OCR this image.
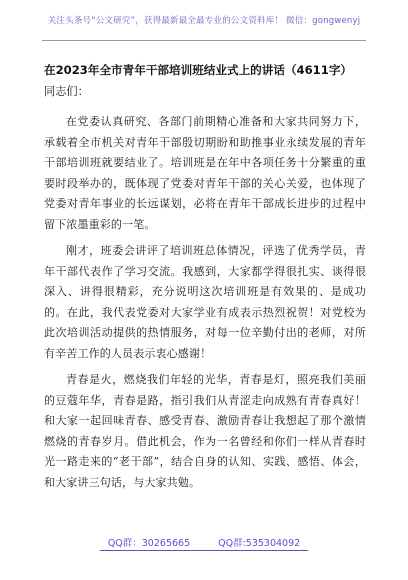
关注头条号“公文研究”，获得最新最全最专业的公文资料库！ 微信：gongwenyj
在2023年全市青年干部培训班结业式上的讲话（4611字）
同志们：

在党委认真研究、各部门前期精心准备和大家共同努力下，承载着全市机关对青年干部殷切期盼和助推事业永续发展的青年干部培训班就要结业了。培训班是在年中各项任务十分繁重的重要时段举办的，既体现了党委对青年干部的关心关爱，也体现了党委对青年事业的长远谋划，必将在青年干部成长进步的过程中留下浓墨重彩的一笔。

刚才，班委会讲评了培训班总体情况，评选了优秀学员，青年干部代表作了学习交流。我感到，大家都学得很扎实、谈得很深入、讲得很精彩，充分说明这次培训班是有效果的、是成功的。在此，我代表党委对大家学业有成表示热烈祝贺！对党校为此次培训活动提供的热情服务，对每一位辛勤付出的老师，对所有辛苦工作的人员表示衷心感谢！

青春是火，燃烧我们年轻的光华，青春是灯，照亮我们美丽的豆蔻年华，青春是路，指引我们从青涩走向成熟有青春真好！和大家一起回味青春、感受青春、激励青春让我想起了那个激情燃烧的青春岁月。借此机会，作为一名曾经和你们一样从青春时光一路走来的“老干部”，结合自身的认知、实践、感悟、体会，和大家讲三句话，与大家共勉。

QQ群：30265665	QQ群:535304092
